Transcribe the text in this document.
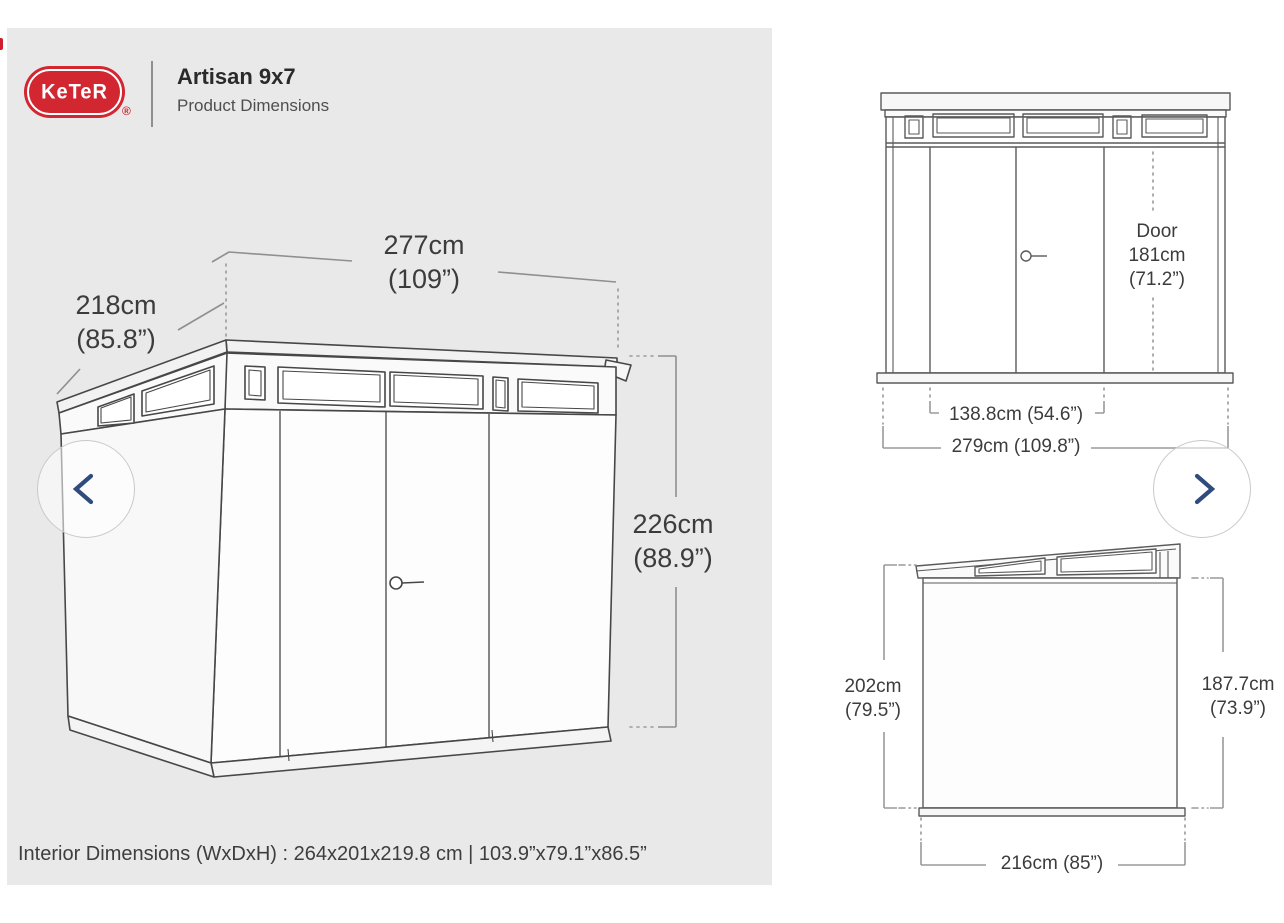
KeTeR
®
Artisan 9x7
Product Dimensions
277cm
(109”)
218cm
(85.8”)
226cm
(88.9”)
Door
181cm
(71.2”)
138.8cm (54.6”)
279cm (109.8”)
202cm
(79.5”)
187.7cm
(73.9”)
216cm (85”)
Interior Dimensions (WxDxH) : 264x201x219.8 cm | 103.9”x79.1”x86.5”
